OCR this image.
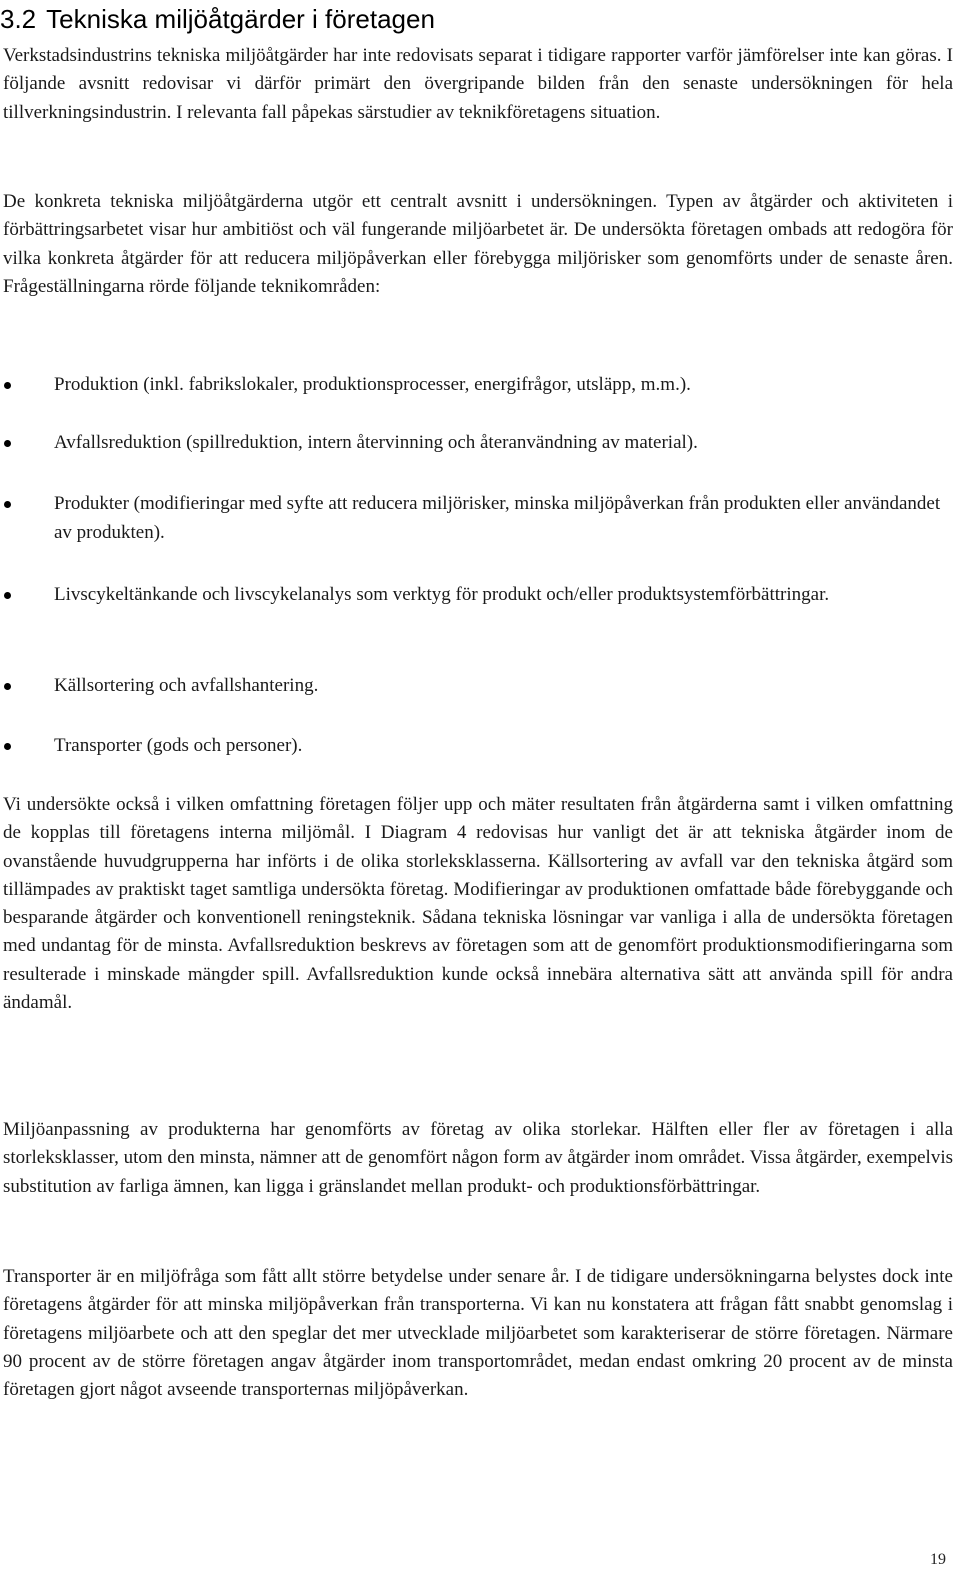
3.2 Tekniska miljöåtgärder i företagen

Verkstadsindustrins tekniska miljöåtgärder har inte redovisats separat i tidigare rapporter varför jämförelser inte kan göras. I följande avsnitt redovisar vi därför primärt den övergripande bilden från den senaste undersökningen för hela tillverkningsindustrin. I relevanta fall påpekas särstudier av teknikföretagens situation.

De konkreta tekniska miljöåtgärderna utgör ett centralt avsnitt i undersökningen. Typen av åtgärder och aktiviteten i förbättringsarbetet visar hur ambitiöst och väl fungerande miljöarbetet är. De undersökta företagen ombads att redogöra för vilka konkreta åtgärder för att reducera miljöpåverkan eller förebygga miljörisker som genomförts under de senaste åren. Frågeställningarna rörde följande teknikområden:

Produktion (inkl. fabrikslokaler, produktionsprocesser, energifrågor, utsläpp, m.m.).
Avfallsreduktion (spillreduktion, intern återvinning och återanvändning av material).
Produkter (modifieringar med syfte att reducera miljörisker, minska miljöpåverkan från produkten eller användandet av produkten).
Livscykeltänkande och livscykelanalys som verktyg för produkt och/eller produktsystemförbättringar.
Källsortering och avfallshantering.
Transporter (gods och personer).

Vi undersökte också i vilken omfattning företagen följer upp och mäter resultaten från åtgärderna samt i vilken omfattning de kopplas till företagens interna miljömål. I Diagram 4 redovisas hur vanligt det är att tekniska åtgärder inom de ovanstående huvudgrupperna har införts i de olika storleksklasserna. Källsortering av avfall var den tekniska åtgärd som tillämpades av praktiskt taget samtliga undersökta företag. Modifieringar av produktionen omfattade både förebyggande och besparande åtgärder och konventionell reningsteknik. Sådana tekniska lösningar var vanliga i alla de undersökta företagen med undantag för de minsta. Avfallsreduktion beskrevs av företagen som att de genomfört produktionsmodifieringarna som resulterade i minskade mängder spill. Avfallsreduktion kunde också innebära alternativa sätt att använda spill för andra ändamål.

Miljöanpassning av produkterna har genomförts av företag av olika storlekar. Hälften eller fler av företagen i alla storleksklasser, utom den minsta, nämner att de genomfört någon form av åtgärder inom området. Vissa åtgärder, exempelvis substitution av farliga ämnen, kan ligga i gränslandet mellan produkt- och produktionsförbättringar.

Transporter är en miljöfråga som fått allt större betydelse under senare år. I de tidigare undersökningarna belystes dock inte företagens åtgärder för att minska miljöpåverkan från transporterna. Vi kan nu konstatera att frågan fått snabbt genomslag i företagens miljöarbete och att den speglar det mer utvecklade miljöarbetet som karakteriserar de större företagen. Närmare 90 procent av de större företagen angav åtgärder inom transportområdet, medan endast omkring 20 procent av de minsta företagen gjort något avseende transporternas miljöpåverkan.

19
